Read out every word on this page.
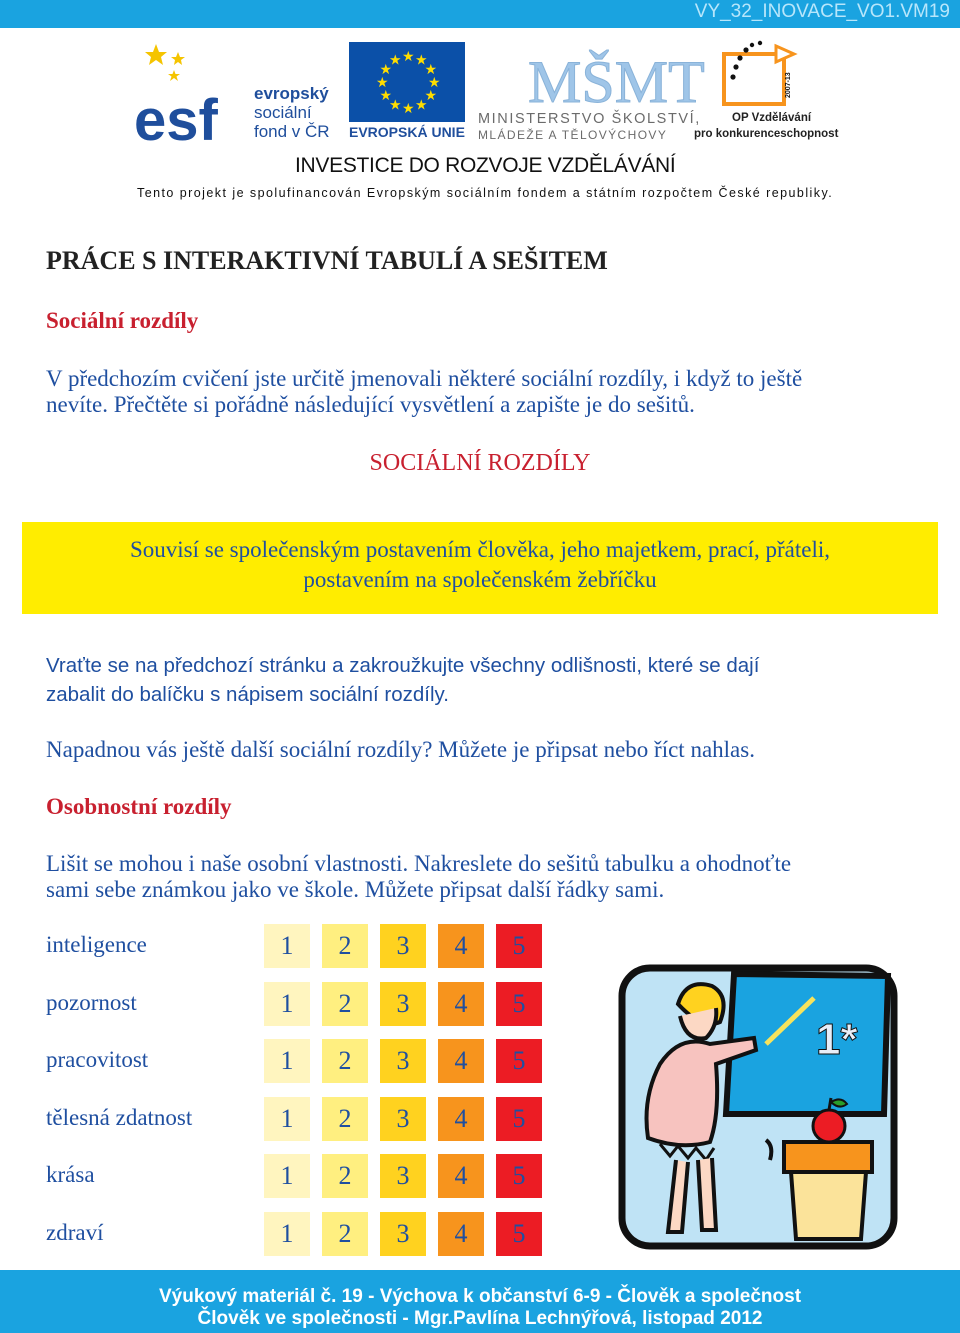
VY_32_INOVACE_VO1.VM19
esf evropský
sociální
fond v ČR
★
★
★
★
★
★
★
★
★ ★ ★
★
EVROPSKÁ UNIE
MŠMT
MINISTERSTVO ŠKOLSTVÍ,
MLÁDEŽE A TĚLOVÝCHOVY
2007-13
OP Vzdělávání
pro konkurenceschopnost
INVESTICE DO ROZVOJE VZDĚLÁVÁNÍ
Tento projekt je spolufinancován Evropským sociálním fondem a státním rozpočtem České republiky.
PRÁCE S INTERAKTIVNÍ TABULÍ A SEŠITEM
Sociální rozdíly
V předchozím cvičení jste určitě jmenovali některé sociální rozdíly, i když to ještě
nevíte. Přečtěte si pořádně následující vysvětlení a zapište je do sešitů.
SOCIÁLNÍ ROZDÍLY
Souvisí se společenským postavením člověka, jeho majetkem, prací, přáteli,
postavením na společenském žebříčku
Vraťte se na předchozí stránku a zakroužkujte všechny odlišnosti, které se dají
zabalit do balíčku s nápisem sociální rozdíly.
Napadnou vás ještě další sociální rozdíly? Můžete je připsat nebo říct nahlas.
Osobnostní rozdíly
Lišit se mohou i naše osobní vlastnosti. Nakreslete do sešitů tabulku a ohodnoťte
sami sebe známkou jako ve škole. Můžete připsat další řádky sami.
inteligence	1	2	3	4	5
pozornost	1	2	3	4	5
pracovitost	1	2	3	4	5
tělesná zdatnost	1	2	3	4	5
krása	1	2	3	4	5
zdraví	1	2	3	4	5
1*
Výukový materiál č. 19 - Výchova k občanství 6-9 - Člověk a společnost
Člověk ve společnosti - Mgr.Pavlína Lechnýřová, listopad 2012
